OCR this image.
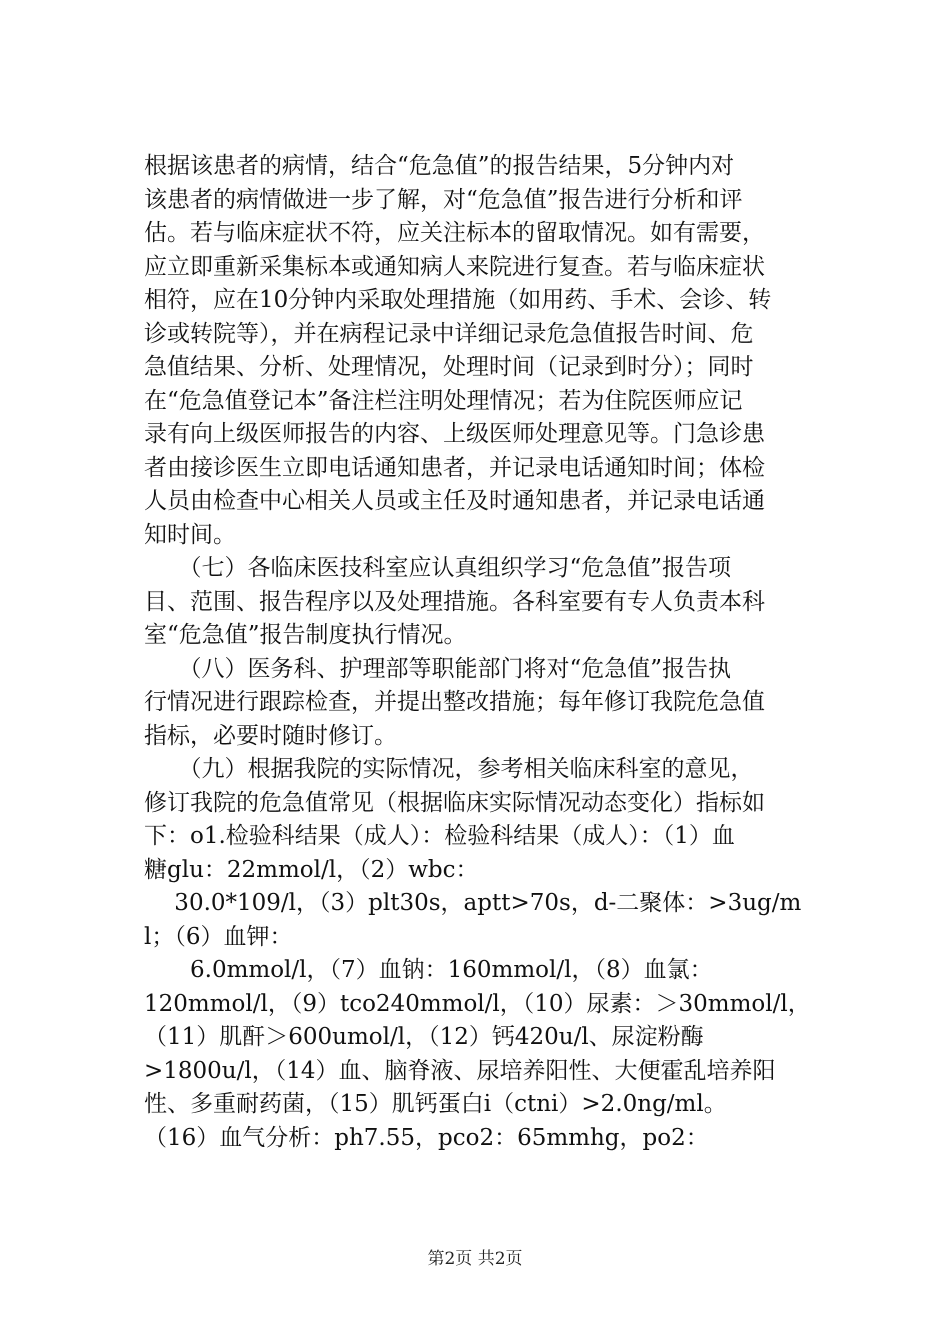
根据该患者的病情，结合“危急值”的报告结果，5分钟内对
该患者的病情做进一步了解，对“危急值”报告进行分析和评
估。若与临床症状不符，应关注标本的留取情况。如有需要，
应立即重新采集标本或通知病人来院进行复查。若与临床症状
相符，应在10分钟内采取处理措施（如用药、手术、会诊、转
诊或转院等），并在病程记录中详细记录危急值报告时间、危
急值结果、分析、处理情况，处理时间（记录到时分）；同时
在“危急值登记本”备注栏注明处理情况；若为住院医师应记
录有向上级医师报告的内容、上级医师处理意见等。门急诊患
者由接诊医生立即电话通知患者，并记录电话通知时间；体检
人员由检查中心相关人员或主任及时通知患者，并记录电话通
知时间。
　　（七）各临床医技科室应认真组织学习“危急值”报告项
目、范围、报告程序以及处理措施。各科室要有专人负责本科
室“危急值”报告制度执行情况。
　　（八）医务科、护理部等职能部门将对“危急值”报告执
行情况进行跟踪检查，并提出整改措施；每年修订我院危急值
指标，必要时随时修订。
　　（九）根据我院的实际情况，参考相关临床科室的意见，
修订我院的危急值常见（根据临床实际情况动态变化）指标如
下：o1.检验科结果（成人）：检验科结果（成人）：（1）血
糖glu：22mmol/l，（2）wbc：
　 30.0*109/l，（3）plt30s，aptt>70s，d-二聚体：>3ug/m
l；（6）血钾：
　　6.0mmol/l，（7）血钠：160mmol/l，（8）血氯：
120mmol/l，（9）tco240mmol/l，（10）尿素：＞30mmol/l，
（11）肌酐＞600umol/l，（12）钙420u/l、尿淀粉酶
>1800u/l，（14）血、脑脊液、尿培养阳性、大便霍乱培养阳
性、多重耐药菌，（15）肌钙蛋白i（ctni）>2.0ng/ml。
（16）血气分析：ph7.55，pco2：65mmhg，po2：
第2页 共2页
